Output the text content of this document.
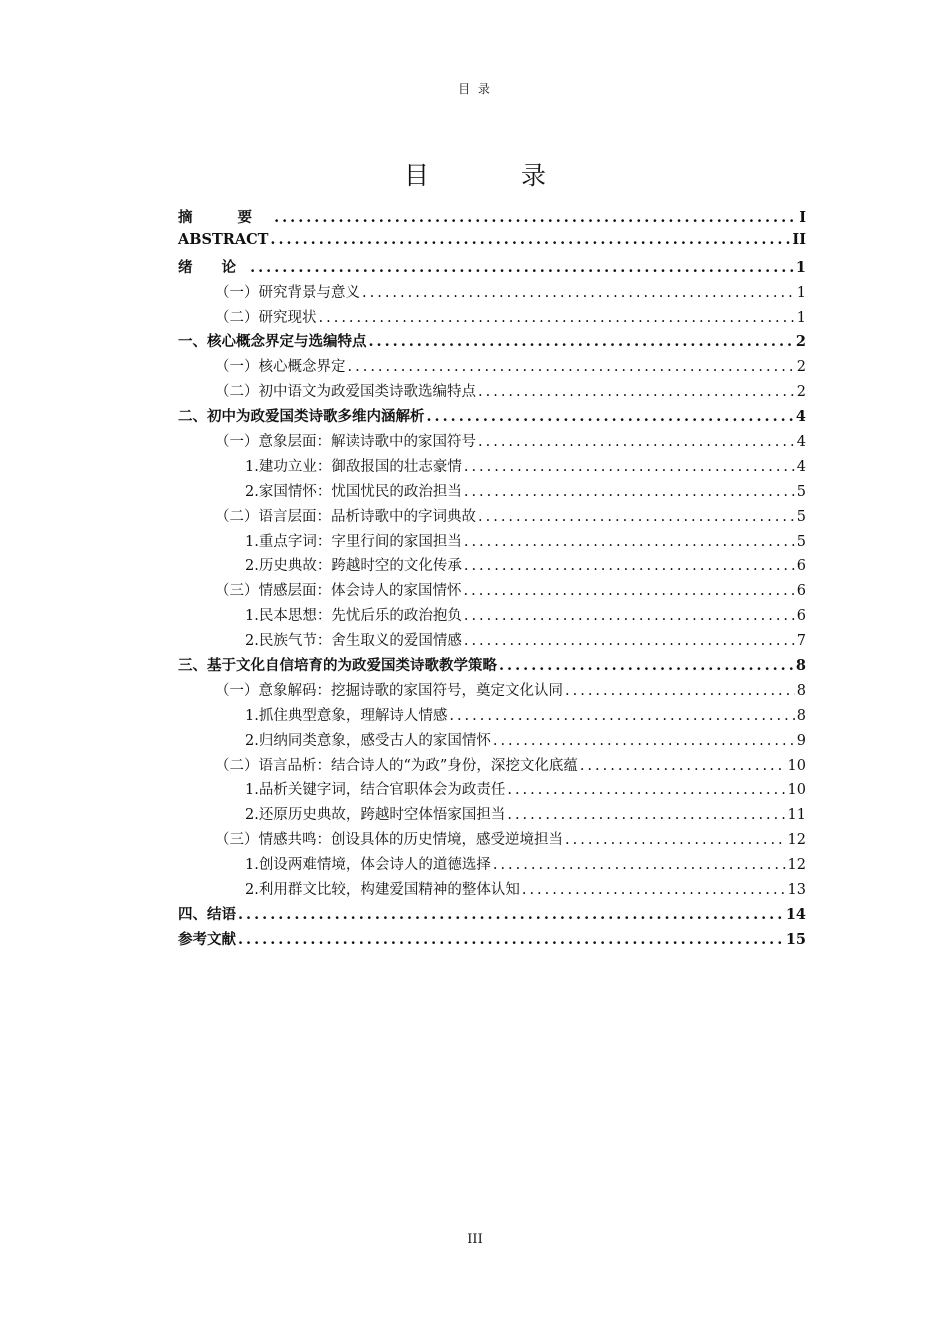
目 录
目 录
摘 要 .....	I
ABSTRACT .....	II
绪 论 .....	1
（一）研究背景与意义 .....	1
（二）研究现状 .....	1
一、核心概念界定与选编特点 .....	2
（一）核心概念界定 .....	2
（二）初中语文为政爱国类诗歌选编特点 .....	2
二、初中为政爱国类诗歌多维内涵解析 .....	4
（一）意象层面：解读诗歌中的家国符号 .....	4
1.建功立业：御敌报国的壮志豪情 .....	4
2.家国情怀：忧国忧民的政治担当 .....	5
（二）语言层面：品析诗歌中的字词典故 .....	5
1.重点字词：字里行间的家国担当 .....	5
2.历史典故：跨越时空的文化传承 .....	6
（三）情感层面：体会诗人的家国情怀 .....	6
1.民本思想：先忧后乐的政治抱负 .....	6
2.民族气节：舍生取义的爱国情感 .....	7
三、基于文化自信培育的为政爱国类诗歌教学策略 .....	8
（一）意象解码：挖掘诗歌的家国符号，奠定文化认同 .....	8
1.抓住典型意象，理解诗人情感 .....	8
2.归纳同类意象，感受古人的家国情怀 .....	9
（二）语言品析：结合诗人的“为政”身份，深挖文化底蕴 .....	10
1.品析关键字词，结合官职体会为政责任 .....	10
2.还原历史典故，跨越时空体悟家国担当 .....	11
（三）情感共鸣：创设具体的历史情境，感受逆境担当 .....	12
1.创设两难情境，体会诗人的道德选择 .....	12
2.利用群文比较，构建爱国精神的整体认知 .....	13
四、结语 .....	14
参考文献 .....	15
III
